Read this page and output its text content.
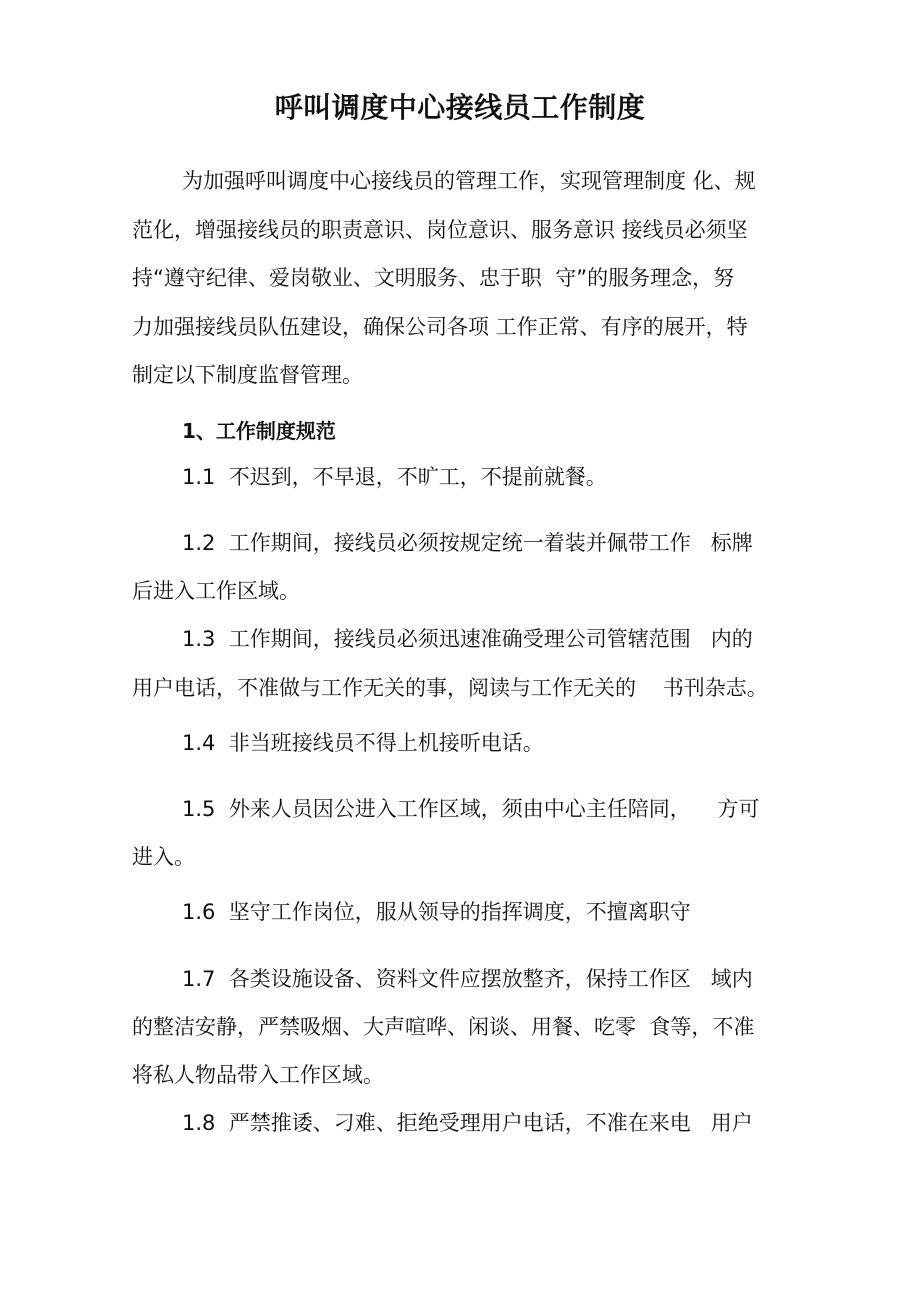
呼叫调度中心接线员工作制度
为加强呼叫调度中心接线员的管理工作，实现管理制度 化、规
范化，增强接线员的职责意识、岗位意识、服务意识 接线员必须坚
持“遵守纪律、爱岗敬业、文明服务、忠于职  守”的服务理念，努
力加强接线员队伍建设，确保公司各项 工作正常、有序的展开，特
制定以下制度监督管理。
1、工作制度规范
1.1  不迟到，不早退，不旷工，不提前就餐。
1.2  工作期间，接线员必须按规定统一着装并佩带工作   标牌
后进入工作区域。
1.3  工作期间，接线员必须迅速准确受理公司管辖范围   内的
用户电话，不准做与工作无关的事，阅读与工作无关的    书刊杂志。
1.4  非当班接线员不得上机接听电话。
1.5  外来人员因公进入工作区域，须由中心主任陪同，    方可
进入。
1.6  坚守工作岗位，服从领导的指挥调度，不擅离职守
1.7  各类设施设备、资料文件应摆放整齐，保持工作区   域内
的整洁安静，严禁吸烟、大声喧哗、闲谈、用餐、吃零  食等，不准
将私人物品带入工作区域。
1.8  严禁推诿、刁难、拒绝受理用户电话，不准在来电   用户
